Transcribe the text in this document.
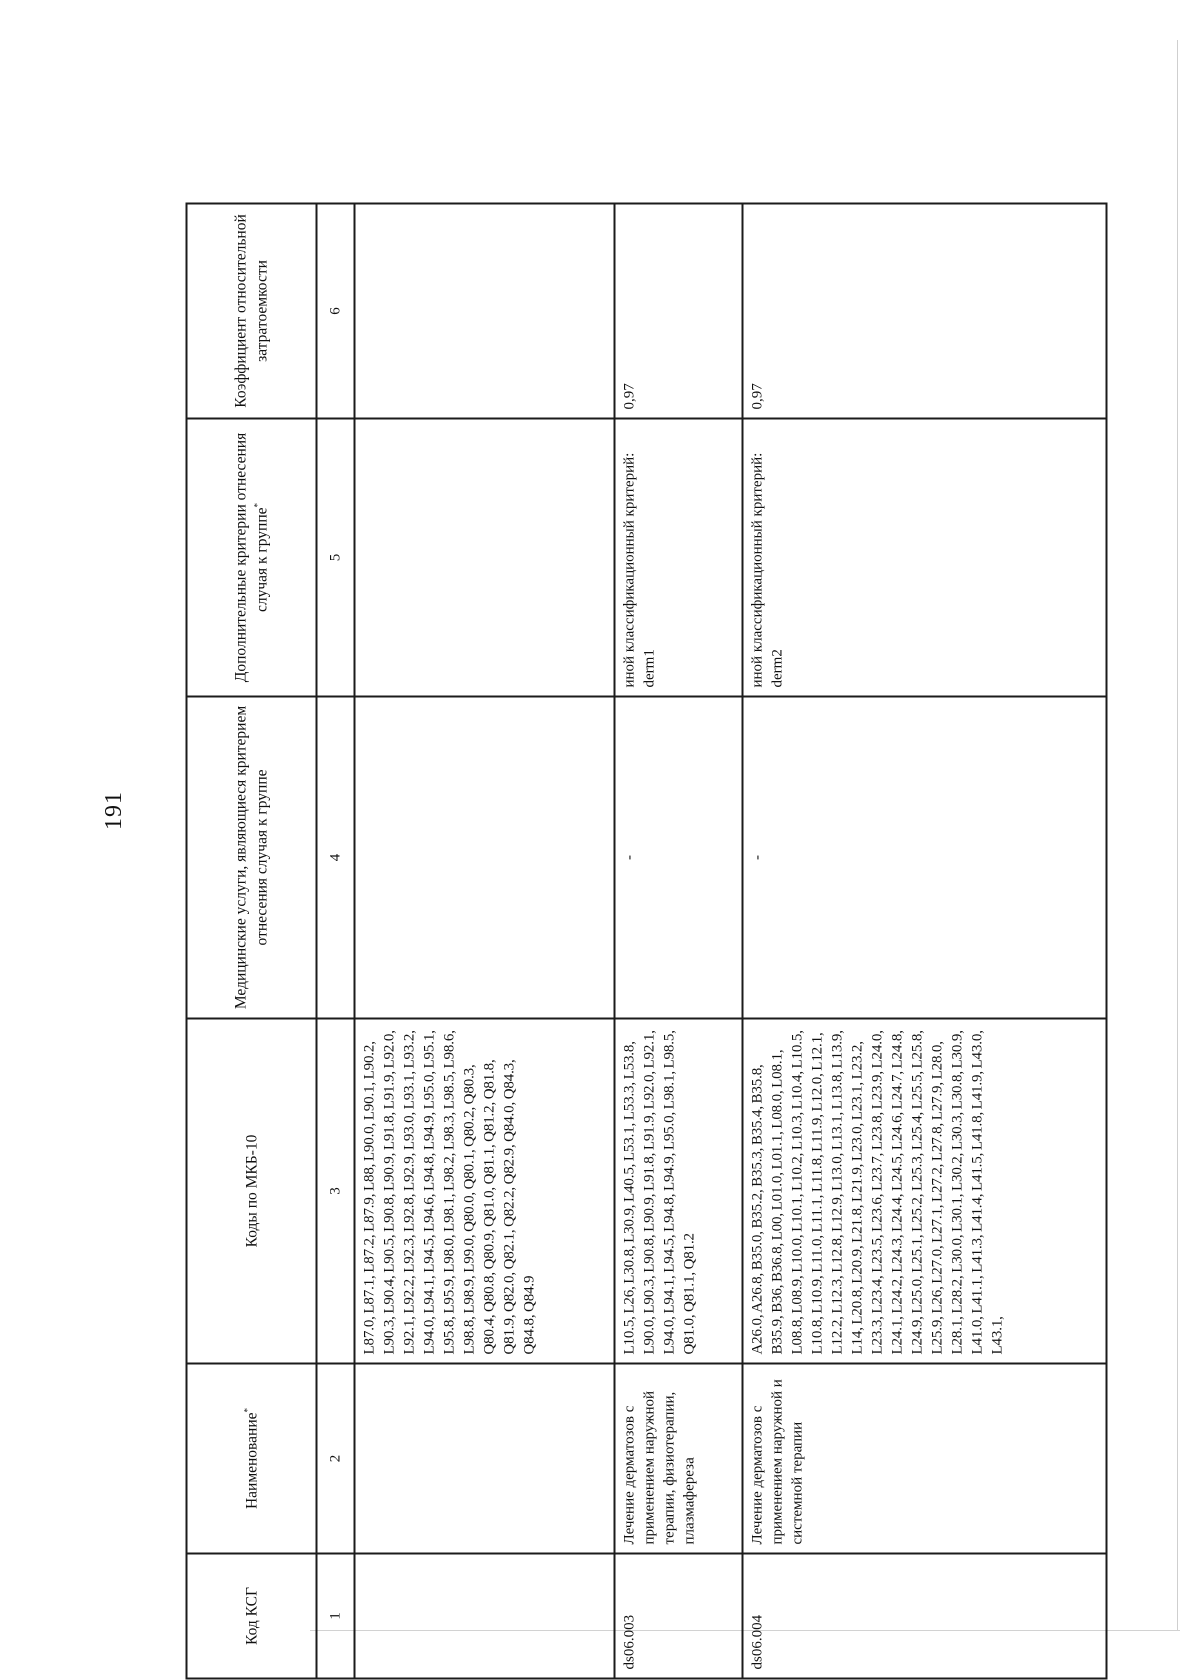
191
Код КСГ	Наименование*	Коды по МКБ-10	Медицинские услуги, являющиеся критерием отнесения случая к группе	Дополнительные критерии отнесения случая к группе*	Коэффициент относительной затратоемкости
1	2	3	4	5	6
		L87.0, L87.1, L87.2, L87.9, L88, L90.0, L90.1, L90.2, L90.3, L90.4, L90.5, L90.8, L90.9, L91.8, L91.9, L92.0, L92.1, L92.2, L92.3, L92.8, L92.9, L93.0, L93.1, L93.2, L94.0, L94.1, L94.5, L94.6, L94.8, L94.9, L95.0, L95.1, L95.8, L95.9, L98.0, L98.1, L98.2, L98.3, L98.5, L98.6, L98.8, L98.9, L99.0, Q80.0, Q80.1, Q80.2, Q80.3, Q80.4, Q80.8, Q80.9, Q81.0, Q81.1, Q81.2, Q81.8, Q81.9, Q82.0, Q82.1, Q82.2, Q82.9, Q84.0, Q84.3, Q84.8, Q84.9	

ds06.003	Лечение дерматозов с применением наружной терапии, физиотерапии, плазмафереза	L10.5, L26, L30.8, L30.9, L40.5, L53.1, L53.3, L53.8, L90.0, L90.3, L90.8, L90.9, L91.8, L91.9, L92.0, L92.1, L94.0, L94.1, L94.5, L94.8, L94.9, L95.0, L98.1, L98.5, Q81.0, Q81.1, Q81.2	-	иной классификационный критерий: derm1	0,97
ds06.004	Лечение дерматозов с применением наружной и системной терапии	A26.0, A26.8, B35.0, B35.2, B35.3, B35.4, B35.8, B35.9, B36, B36.8, L00, L01.0, L01.1, L08.0, L08.1, L08.8, L08.9, L10.0, L10.1, L10.2, L10.3, L10.4, L10.5, L10.8, L10.9, L11.0, L11.1, L11.8, L11.9, L12.0, L12.1, L12.2, L12.3, L12.8, L12.9, L13.0, L13.1, L13.8, L13.9, L14, L20.8, L20.9, L21.8, L21.9, L23.0, L23.1, L23.2, L23.3, L23.4, L23.5, L23.6, L23.7, L23.8, L23.9, L24.0, L24.1, L24.2, L24.3, L24.4, L24.5, L24.6, L24.7, L24.8, L24.9, L25.0, L25.1, L25.2, L25.3, L25.4, L25.5, L25.8, L25.9, L26, L27.0, L27.1, L27.2, L27.8, L27.9, L28.0, L28.1, L28.2, L30.0, L30.1, L30.2, L30.3, L30.8, L30.9, L41.0, L41.1, L41.3, L41.4, L41.5, L41.8, L41.9, L43.0, L43.1,	-	иной классификационный критерий: derm2	0,97
